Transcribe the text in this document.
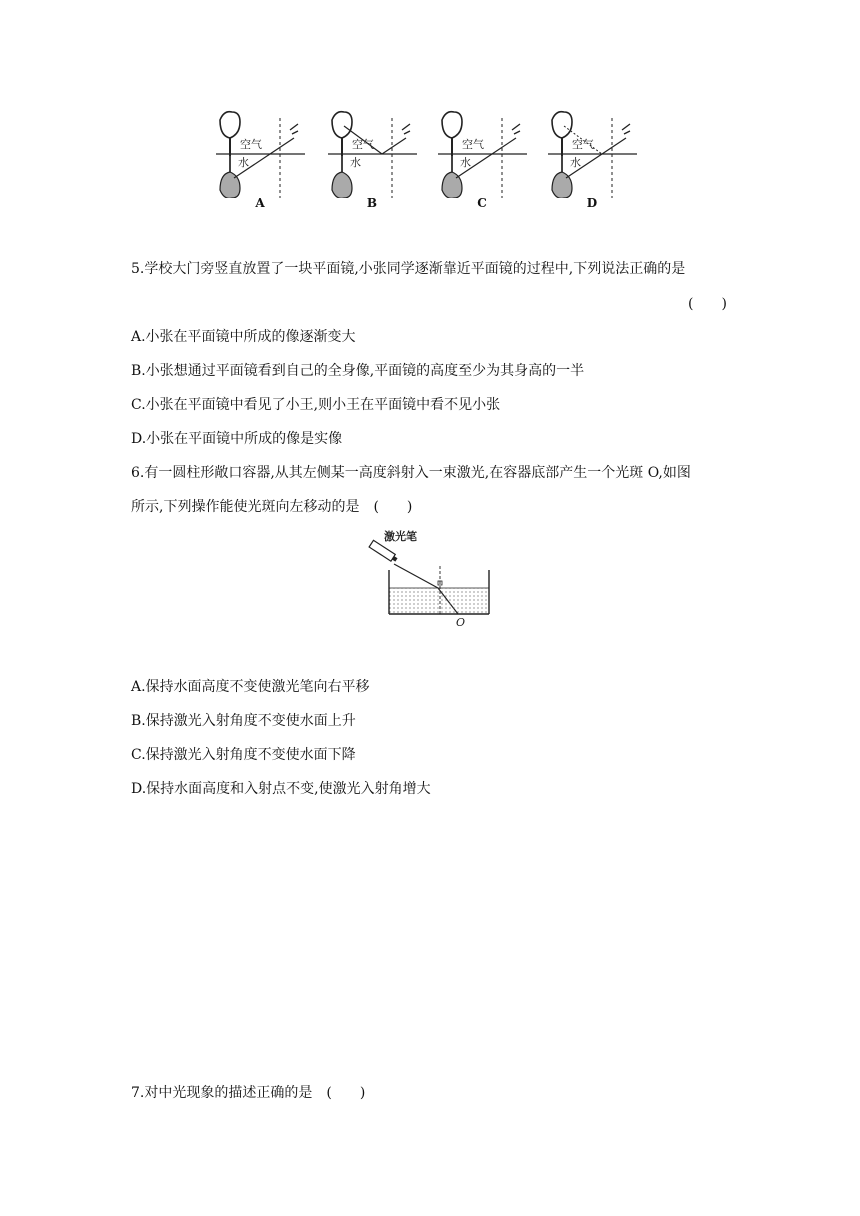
空气
水
A
空气
水
B
空气
水
C
空气
水
D
5.学校大门旁竖直放置了一块平面镜,小张同学逐渐靠近平面镜的过程中,下列说法正确的是
(　　)
A.小张在平面镜中所成的像逐渐变大
B.小张想通过平面镜看到自己的全身像,平面镜的高度至少为其身高的一半
C.小张在平面镜中看见了小王,则小王在平面镜中看不见小张
D.小张在平面镜中所成的像是实像
6.有一圆柱形敞口容器,从其左侧某一高度斜射入一束激光,在容器底部产生一个光斑 O,如图
所示,下列操作能使光斑向左移动的是　(　　)
激光笔
O
A.保持水面高度不变使激光笔向右平移
B.保持激光入射角度不变使水面上升
C.保持激光入射角度不变使水面下降
D.保持水面高度和入射点不变,使激光入射角增大
7.对中光现象的描述正确的是　(　　)
